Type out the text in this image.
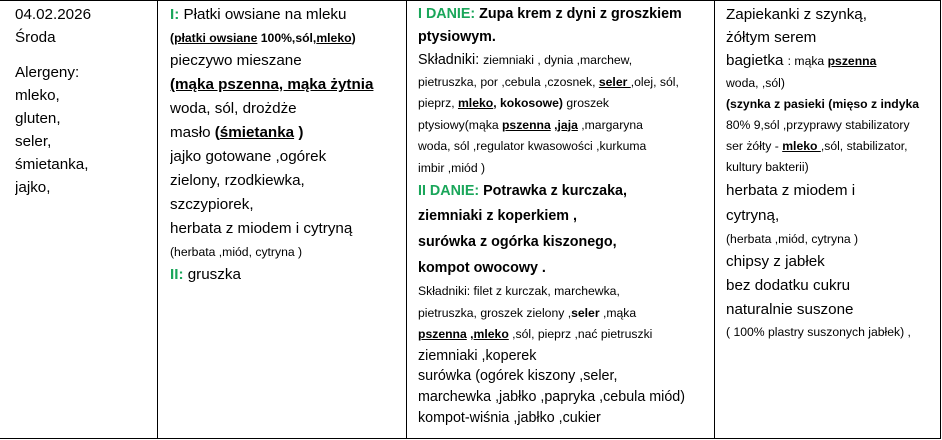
04.02.2026
Środa
Alergeny:
mleko,
gluten,
seler,
śmietanka,
jajko,
I: Płatki owsiane na mleku
(płatki owsiane 100%,sól,mleko)
pieczywo mieszane
(mąka pszenna, mąka żytnia
woda, sól, drożdże
masło (śmietanka )
jajko gotowane ,ogórek
zielony, rzodkiewka,
szczypiorek,
herbata z miodem i cytryną
(herbata ,miód, cytryna )
II: gruszka
I DANIE: Zupa krem z dyni z groszkiem
ptysiowym.
Składniki: ziemniaki , dynia ,marchew,
pietruszka, por ,cebula ,czosnek, seler ,olej, sól,
pieprz, mleko, kokosowe) groszek
ptysiowy(mąka pszenna ,jaja ,margaryna
woda, sól ,regulator kwasowości ,kurkuma
imbir ,miód )
II DANIE: Potrawka z kurczaka,
ziemniaki z koperkiem ,
surówka z ogórka kiszonego,
kompot owocowy .
Składniki: filet z kurczak, marchewka,
pietruszka, groszek zielony ,seler ,mąka
pszenna ,mleko ,sól, pieprz ,nać pietruszki
ziemniaki ,koperek
surówka (ogórek kiszony ,seler,
marchewka ,jabłko ,papryka ,cebula miód)
kompot-wiśnia ,jabłko ,cukier
Zapiekanki z szynką,
żółtym serem
bagietka : mąka pszenna
woda, ,sól)
(szynka z pasieki (mięso z indyka
80% 9,sól ,przyprawy stabilizatory
ser żółty - mleko ,sól, stabilizator,
kultury bakterii)
herbata z miodem i
cytryną,
(herbata ,miód, cytryna )
chipsy z jabłek
bez dodatku cukru
naturalnie suszone
( 100% plastry suszonych jabłek) ,
